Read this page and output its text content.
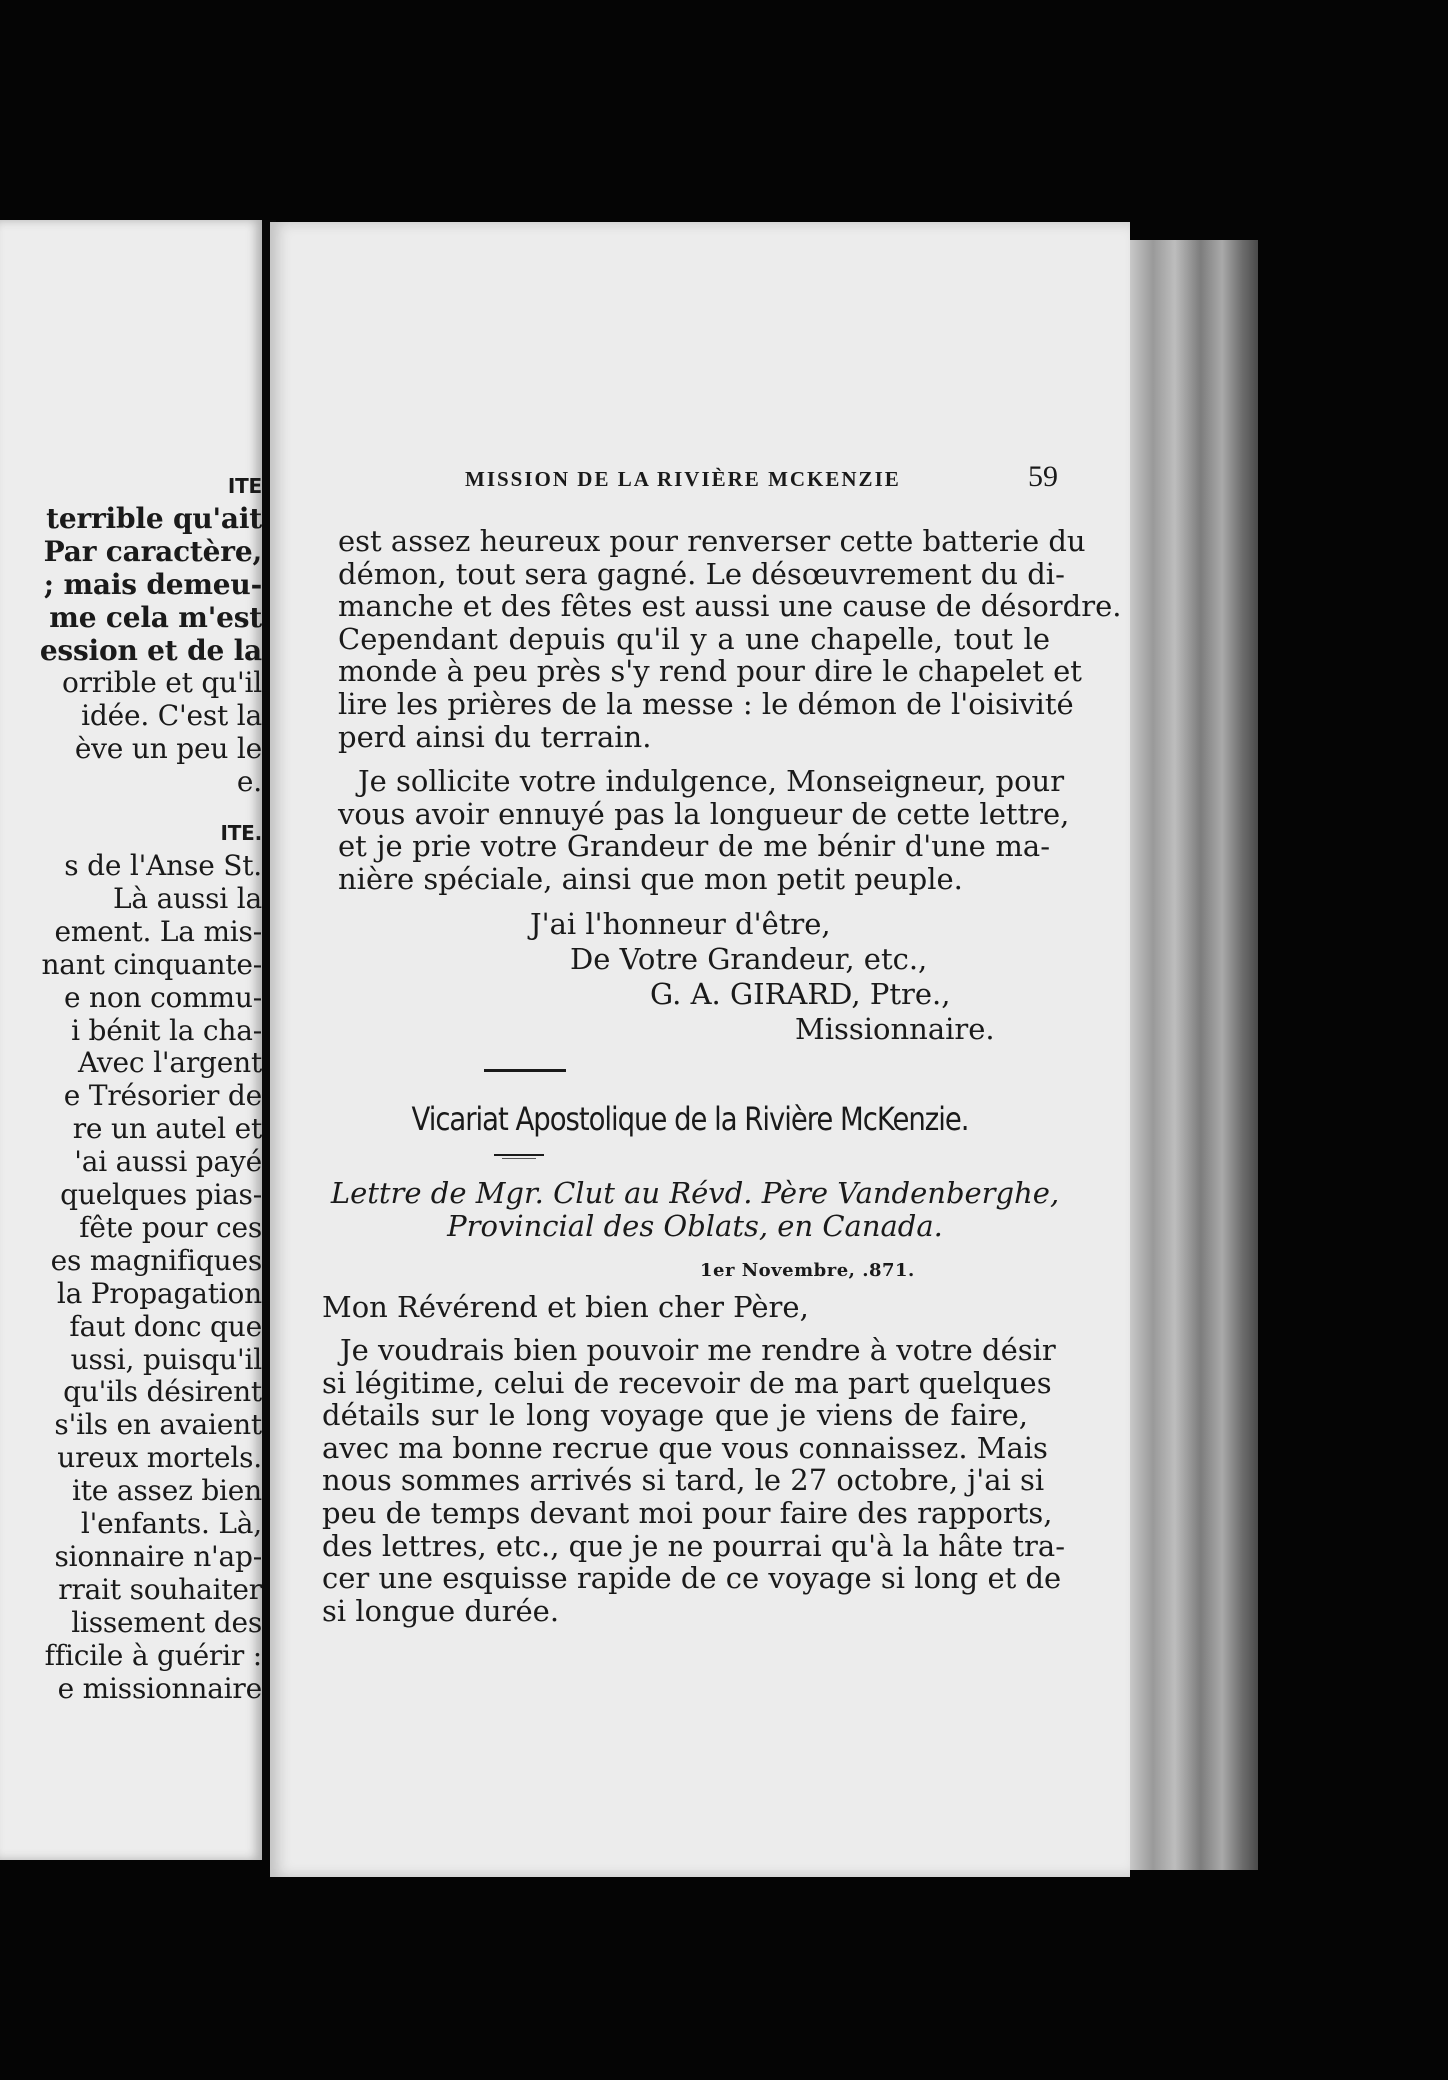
ITE
terrible qu'ait
Par caractère,
; mais demeu-
me cela m'est
ession et de la
orrible et qu'il
idée. C'est la
ève un peu le
e.
ITE.
s de l'Anse St.
Là aussi la
ement. La mis-
nant cinquante-
e non commu-
i bénit la cha-
Avec l'argent
e Trésorier de
re un autel et
'ai aussi payé
quelques pias-
fête pour ces
es magnifiques
la Propagation
faut donc que
ussi, puisqu'il
qu'ils désirent
s'ils en avaient
ureux mortels.
ite assez bien
l'enfants. Là,
sionnaire n'ap-
rrait souhaiter
lissement des
fficile à guérir :
e missionnaire
MISSION DE LA RIVIÈRE MCKENZIE	59
est assez heureux pour renverser cette batterie du
démon, tout sera gagné. Le désœuvrement du di-
manche et des fêtes est aussi une cause de désordre.
Cependant depuis qu'il y a une chapelle, tout le
monde à peu près s'y rend pour dire le chapelet et
lire les prières de la messe : le démon de l'oisivité
perd ainsi du terrain.
Je sollicite votre indulgence, Monseigneur, pour
vous avoir ennuyé pas la longueur de cette lettre,
et je prie votre Grandeur de me bénir d'une ma-
nière spéciale, ainsi que mon petit peuple.
J'ai l'honneur d'être,
De Votre Grandeur, etc.,
G. A. GIRARD, Ptre.,
Missionnaire.
Vicariat Apostolique de la Rivière McKenzie.
Lettre de Mgr. Clut au Révd. Père Vandenberghe,
Provincial des Oblats, en Canada.
1er Novembre, .871.
Mon Révérend et bien cher Père,
Je voudrais bien pouvoir me rendre à votre désir
si légitime, celui de recevoir de ma part quelques
détails sur le long voyage que je viens de faire,
avec ma bonne recrue que vous connaissez. Mais
nous sommes arrivés si tard, le 27 octobre, j'ai si
peu de temps devant moi pour faire des rapports,
des lettres, etc., que je ne pourrai qu'à la hâte tra-
cer une esquisse rapide de ce voyage si long et de
si longue durée.
